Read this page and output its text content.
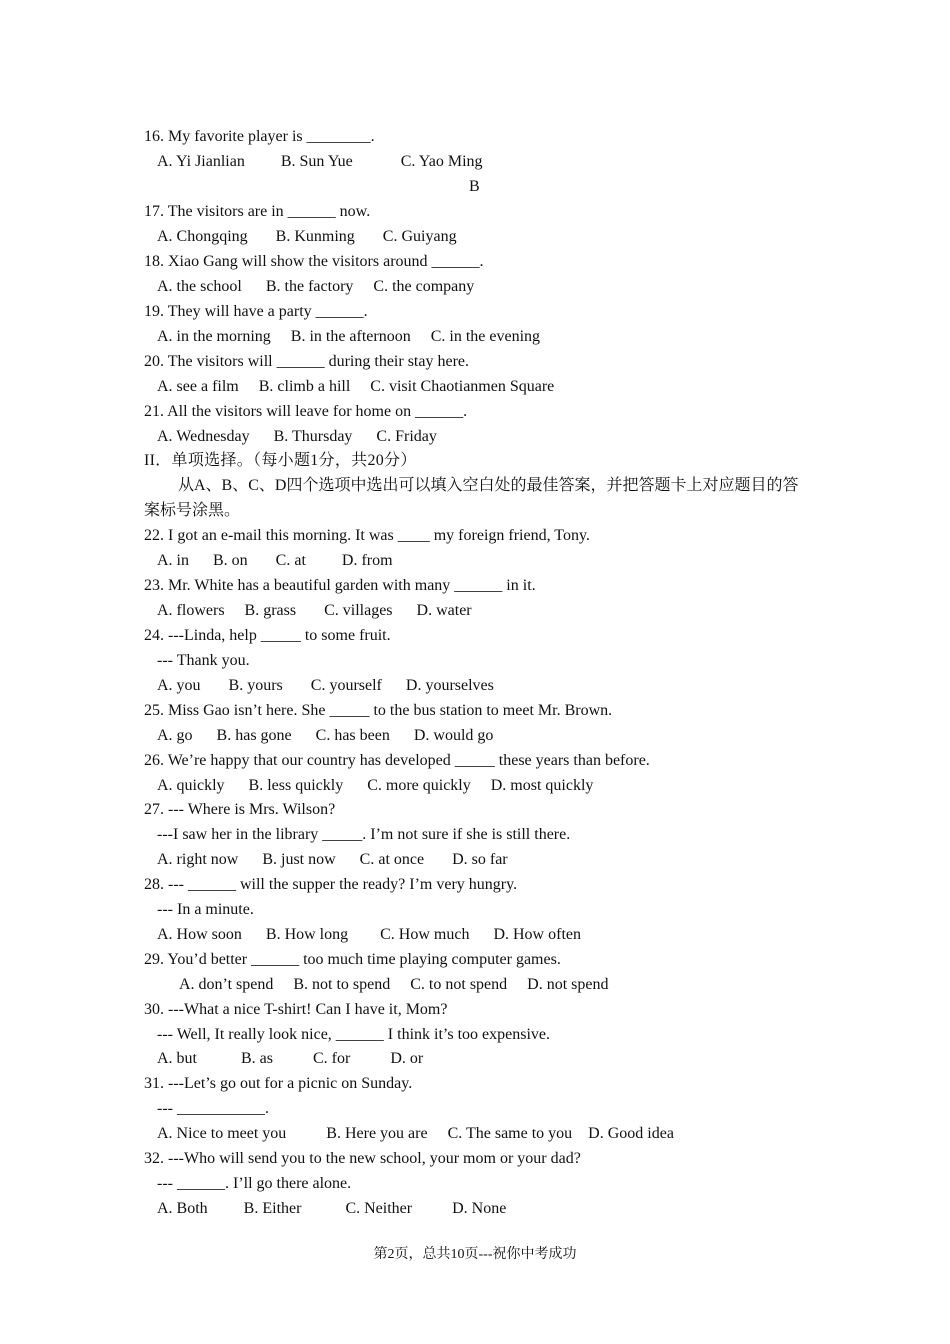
16. My favorite player is ________.

A. Yi Jianlian         B. Sun Yue            C. Yao Ming

B

17. The visitors are in ______ now.

A. Chongqing       B. Kunming       C. Guiyang

18. Xiao Gang will show the visitors around ______.

A. the school      B. the factory     C. the company

19. They will have a party ______.

A. in the morning     B. in the afternoon     C. in the evening

20. The visitors will ______ during their stay here.

A. see a film     B. climb a hill     C. visit Chaotianmen Square

21. All the visitors will leave for home on ______.

A. Wednesday      B. Thursday      C. Friday

II．单项选择。（每小题1分，共20分）

从A、B、C、D四个选项中选出可以填入空白处的最佳答案，并把答题卡上对应题目的答

案标号涂黑。

22. I got an e-mail this morning. It was ____ my foreign friend, Tony.

A. in      B. on       C. at         D. from

23. Mr. White has a beautiful garden with many ______ in it.

A. flowers     B. grass       C. villages      D. water

24. ---Linda, help _____ to some fruit.

--- Thank you.

A. you       B. yours       C. yourself      D. yourselves

25. Miss Gao isn’t here. She _____ to the bus station to meet Mr. Brown.

A. go      B. has gone      C. has been      D. would go

26. We’re happy that our country has developed _____ these years than before.

A. quickly      B. less quickly      C. more quickly     D. most quickly

27. --- Where is Mrs. Wilson?

---I saw her in the library _____. I’m not sure if she is still there.

A. right now      B. just now      C. at once       D. so far

28. --- ______ will the supper the ready? I’m very hungry.

--- In a minute.

A. How soon      B. How long        C. How much      D. How often

29. You’d better ______ too much time playing computer games.

A. don’t spend     B. not to spend     C. to not spend     D. not spend

30. ---What a nice T-shirt! Can I have it, Mom?

--- Well, It really look nice, ______ I think it’s too expensive.

A. but           B. as          C. for          D. or

31. ---Let’s go out for a picnic on Sunday.

--- ___________.

A. Nice to meet you          B. Here you are     C. The same to you    D. Good idea

32. ---Who will send you to the new school, your mom or your dad?

--- ______. I’ll go there alone.

A. Both         B. Either           C. Neither          D. None

第2页，总共10页---祝你中考成功
